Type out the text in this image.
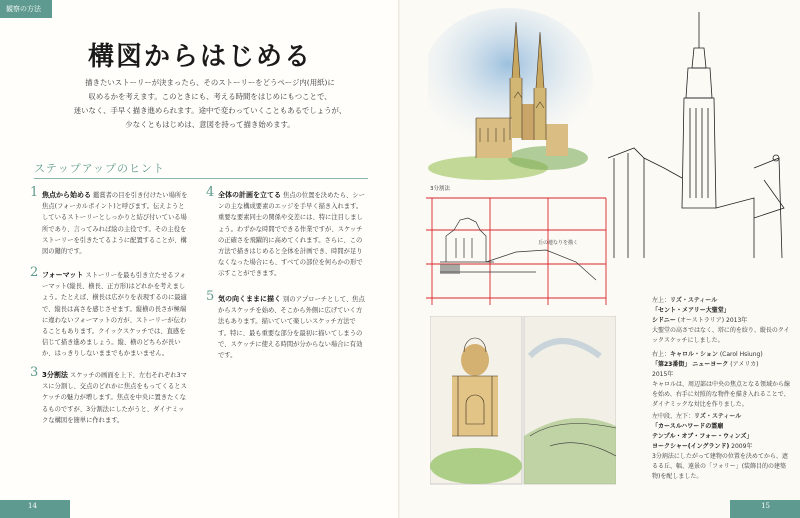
観察の方法
構図からはじめる
描きたいストーリーが決まったら、そのストーリーをどうページ内(用紙)に
収めるかを考えます。このときにも、考える時間をはじめにもつことで、
迷いなく、手早く描き進められます。途中で変わっていくこともあるでしょうが、
少なくともはじめは、意図を持って描き始めます。
ステップアップのヒント
1 焦点から始める 鑑賞者の目を引き付けたい場所を焦点(フォーカルポイント)と呼びます。伝えようとしているストーリーとしっかりと結び付いている場所であり、言ってみれば絵の主役です。その主役をストーリーを引きたてるように配置することが、構図の鍵的です。
2 フォーマット ストーリーを最も引き立たせるフォーマット(縦長、横長、正方形)はどれかを考えましょう。たとえば、横長は広がりを表現するのに最適で、縦長は高さを感じさせます。縦横の長さが極端に違わないフォーマットの方が、ストーリーが伝わることもあります。クイックスケッチでは、直感を信じて描き進めましょう。縦、横のどちらが長いか、はっきりしないままでもかまいません。
3 3分割法 スケッチの画面を上下、左右それぞれ3マスに分割し、交点のどれかに焦点をもってくるとスケッチの魅力が増します。焦点を中央に置きたくなるものですが、3分割法にしたがうと、ダイナミックな構図を簡単に作れます。
4 全体の計画を立てる 焦点の位置を決めたら、シーンの主な構成要素のエッジを手早く描き入れます。重要な要素同士の関係や交差には、特に注目しましょう。わずかな時間でできる作業ですが、スケッチの正確さを飛躍的に高めてくれます。さらに、この方法で描きはじめると全体を計画でき、時間が足りなくなった場合にも、すべての部位を何らかの形で示すことができます。
5 気の向くままに描く 別のアプローチとして、焦点からスケッチを始め、そこから外側に広げていく方法もあります。描いていて楽しいスケッチ方法です。特に、最も重要な部分を最初に描いてしまうので、スケッチに使える時間が分からない場合に有効です。
14
3分割法
丘の連なりを描く
左上：リズ・スティール
「セント・メアリー大聖堂」
シドニー (オーストラリア) 2013年
大聖堂の高さではなく、塔に的を絞り、縦長のクイックスケッチにしました。
右上：キャロル・ション (Carol Hsiung)
「第23番街」 ニューヨーク (アメリカ)
2015年
キャロルは、周辺部は中央の焦点となる領域から線を始め、右手に対照的な物件を描き入れることで、ダイナミックな対比を作りました。
左中段、左下：リズ・スティール
「カースルハワードの霊廟
テンプル・オブ・フォー・ウィンズ」
ヨークシャー(イングランド) 2009年
3分割法にしたがって建物の位置を決めてから、遮るる丘、幅、遠景の「フォリー」(装飾目的の建築物)を配しました。
15
